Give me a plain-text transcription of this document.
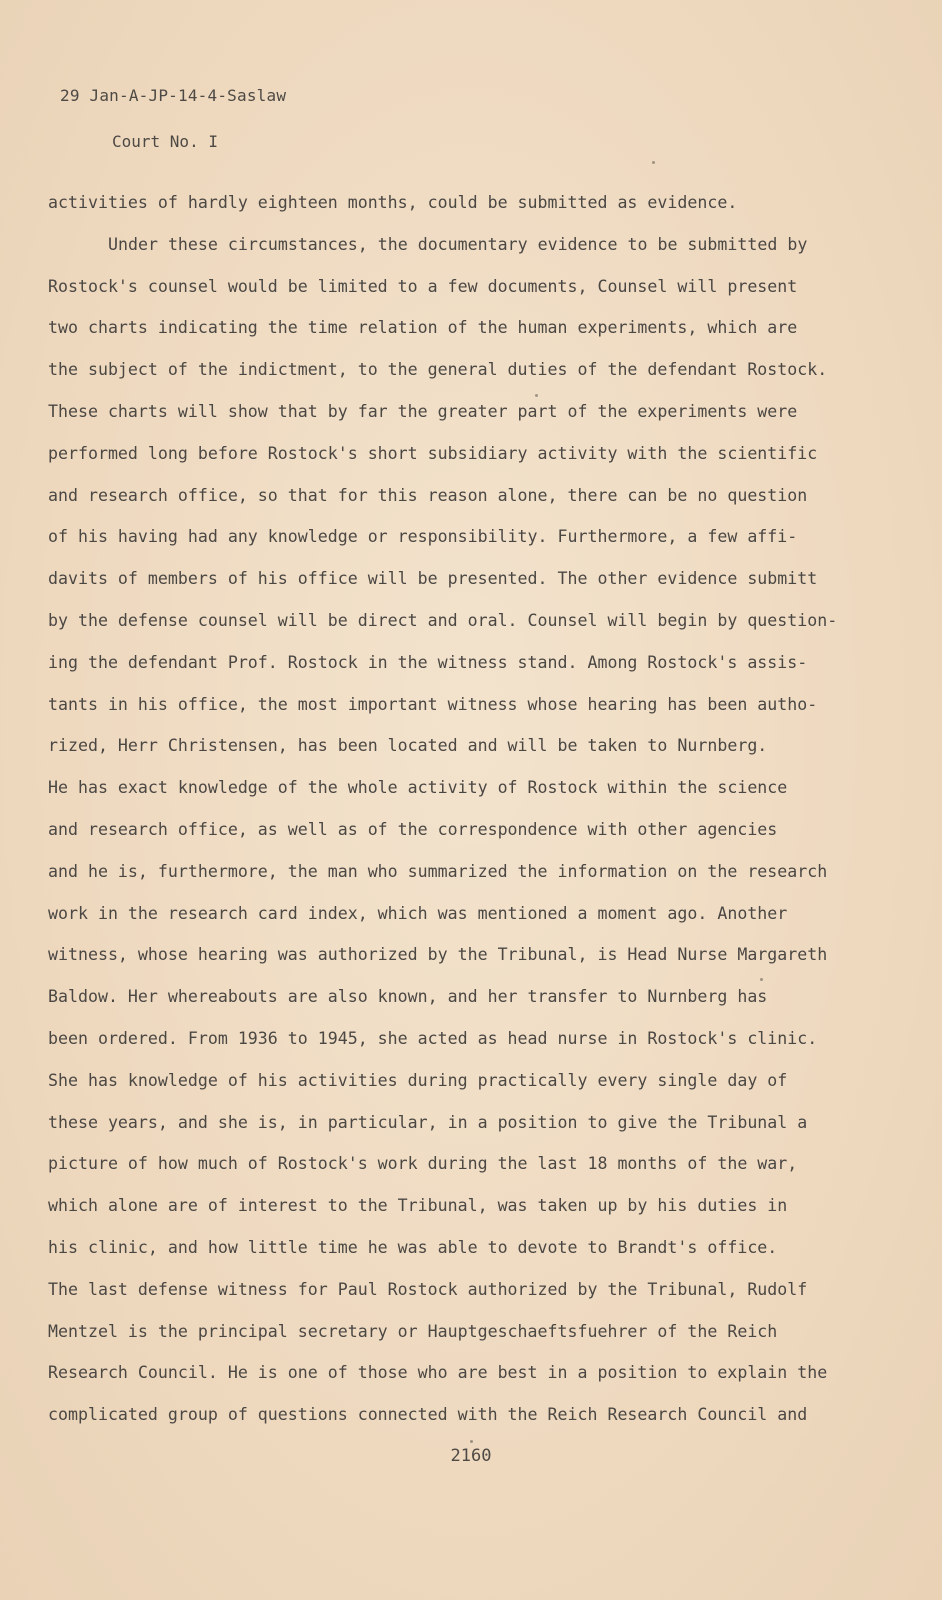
29 Jan-A-JP-14-4-Saslaw
Court No. I
activities of hardly eighteen months, could be submitted as evidence.
Under these circumstances, the documentary evidence to be submitted by
Rostock's counsel would be limited to a few documents, Counsel will present
two charts indicating the time relation of the human experiments, which are
the subject of the indictment, to the general duties of the defendant Rostock.
These charts will show that by far the greater part of the experiments were
performed long before Rostock's short subsidiary activity with the scientific
and research office, so that for this reason alone, there can be no question
of his having had any knowledge or responsibility. Furthermore, a few affi-
davits of members of his office will be presented. The other evidence submitt
by the defense counsel will be direct and oral. Counsel will begin by question-
ing the defendant Prof. Rostock in the witness stand. Among Rostock's assis-
tants in his office, the most important witness whose hearing has been autho-
rized, Herr Christensen, has been located and will be taken to Nurnberg.
He has exact knowledge of the whole activity of Rostock within the science
and research office, as well as of the correspondence with other agencies
and he is, furthermore, the man who summarized the information on the research
work in the research card index, which was mentioned a moment ago. Another
witness, whose hearing was authorized by the Tribunal, is Head Nurse Margareth
Baldow. Her whereabouts are also known, and her transfer to Nurnberg has
been ordered. From 1936 to 1945, she acted as head nurse in Rostock's clinic.
She has knowledge of his activities during practically every single day of
these years, and she is, in particular, in a position to give the Tribunal a
picture of how much of Rostock's work during the last 18 months of the war,
which alone are of interest to the Tribunal, was taken up by his duties in
his clinic, and how little time he was able to devote to Brandt's office.
The last defense witness for Paul Rostock authorized by the Tribunal, Rudolf
Mentzel is the principal secretary or Hauptgeschaeftsfuehrer of the Reich
Research Council. He is one of those who are best in a position to explain the
complicated group of questions connected with the Reich Research Council and
2160
